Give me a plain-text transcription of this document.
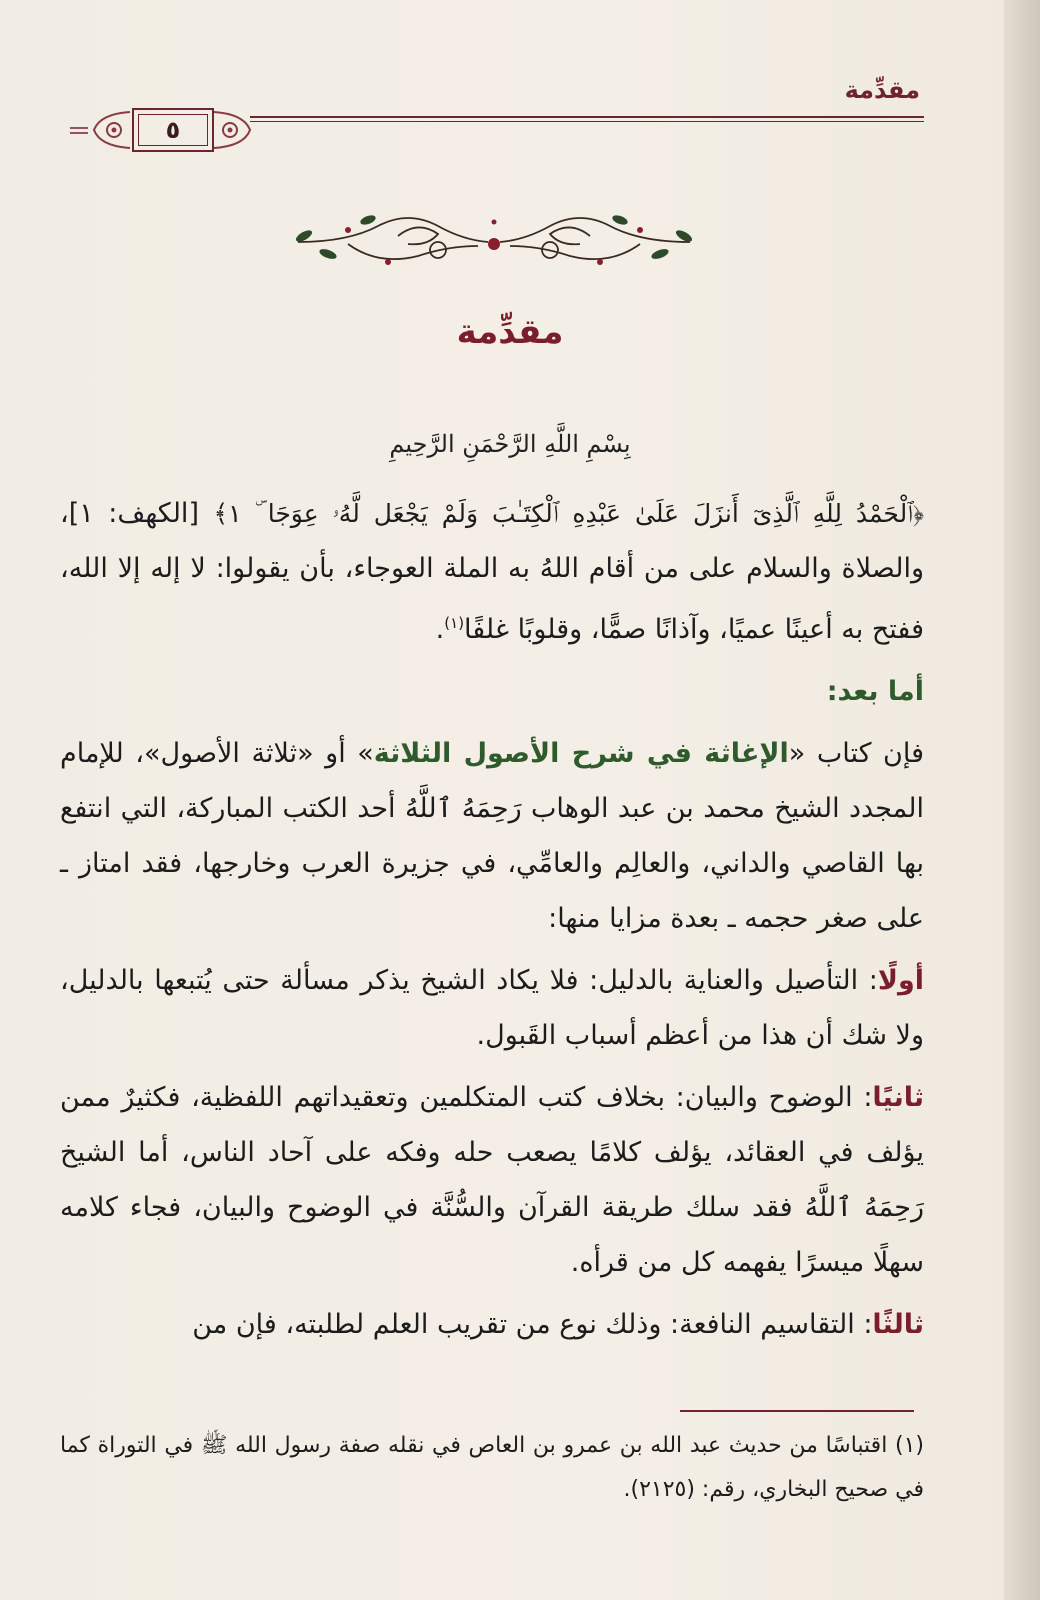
مقدِّمة
٥
مقدِّمة
بِسْمِ اللَّهِ الرَّحْمَنِ الرَّحِيمِ

﴿ٱلْحَمْدُ لِلَّهِ ٱلَّذِىٓ أَنزَلَ عَلَىٰ عَبْدِهِ ٱلْكِتَـٰبَ وَلَمْ يَجْعَل لَّهُۥ عِوَجَا ۜ ١﴾ [الكهف: ١]، والصلاة والسلام على من أقام اللهُ به الملة العوجاء، بأن يقولوا: لا إله إلا الله، ففتح به أعينًا عميًا، وآذانًا صمًّا، وقلوبًا غلفًا$^{(١)}$.

أما بعد:

فإن كتاب «الإغاثة في شرح الأصول الثلاثة» أو «ثلاثة الأصول»، للإمام المجدد الشيخ محمد بن عبد الوهاب رَحِمَهُ ٱللَّهُ أحد الكتب المباركة، التي انتفع بها القاصي والداني، والعالِم والعامِّي، في جزيرة العرب وخارجها، فقد امتاز ـ على صغر حجمه ـ بعدة مزايا منها:

أولًا: التأصيل والعناية بالدليل: فلا يكاد الشيخ يذكر مسألة حتى يُتبعها بالدليل، ولا شك أن هذا من أعظم أسباب القَبول.

ثانيًا: الوضوح والبيان: بخلاف كتب المتكلمين وتعقيداتهم اللفظية، فكثيرٌ ممن يؤلف في العقائد، يؤلف كلامًا يصعب حله وفكه على آحاد الناس، أما الشيخ رَحِمَهُ ٱللَّهُ فقد سلك طريقة القرآن والسُّنَّة في الوضوح والبيان، فجاء كلامه سهلًا ميسرًا يفهمه كل من قرأه.

ثالثًا: التقاسيم النافعة: وذلك نوع من تقريب العلم لطلبته، فإن من

(١) اقتباسًا من حديث عبد الله بن عمرو بن العاص في نقله صفة رسول الله ﷺ في التوراة كما في صحيح البخاري، رقم: (٢١٢٥).
